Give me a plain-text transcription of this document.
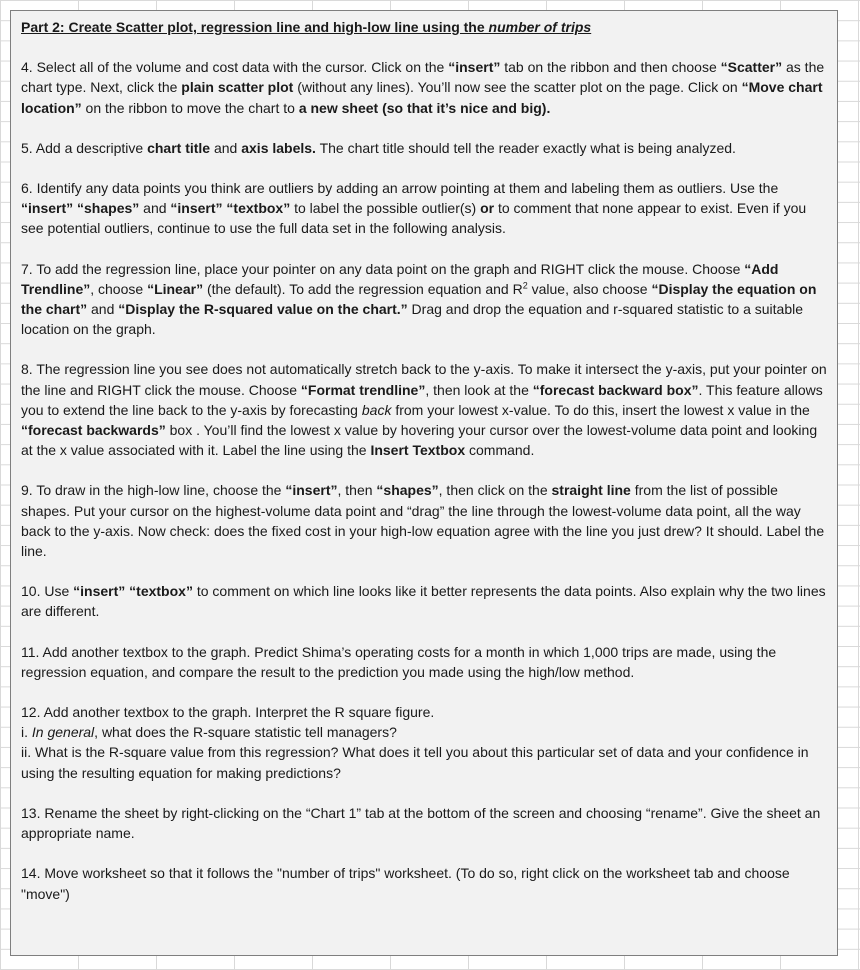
Part 2: Create Scatter plot, regression line and high-low line using the number of trips
4. Select all of the volume and cost data with the cursor. Click on the “insert” tab on the ribbon and then choose “Scatter” as the chart type. Next, click the plain scatter plot (without any lines). You’ll now see the scatter plot on the page. Click on “Move chart location” on the ribbon to move the chart to a new sheet (so that it’s nice and big).
5. Add a descriptive chart title and axis labels. The chart title should tell the reader exactly what is being analyzed.
6. Identify any data points you think are outliers by adding an arrow pointing at them and labeling them as outliers. Use the “insert” “shapes” and “insert” “textbox” to label the possible outlier(s) or to comment that none appear to exist. Even if you see potential outliers, continue to use the full data set in the following analysis.
7. To add the regression line, place your pointer on any data point on the graph and RIGHT click the mouse. Choose “Add Trendline”, choose “Linear” (the default). To add the regression equation and $R^2$ value, also choose “Display the equation on the chart” and “Display the R-squared value on the chart.” Drag and drop the equation and r-squared statistic to a suitable location on the graph.
8. The regression line you see does not automatically stretch back to the y-axis. To make it intersect the y-axis, put your pointer on the line and RIGHT click the mouse. Choose “Format trendline”, then look at the “forecast backward box”. This feature allows you to extend the line back to the y-axis by forecasting back from your lowest x-value. To do this, insert the lowest x value in the “forecast backwards” box . You’ll find the lowest x value by hovering your cursor over the lowest-volume data point and looking at the x value associated with it. Label the line using the Insert Textbox command.
9. To draw in the high-low line, choose the “insert”, then “shapes”, then click on the straight line from the list of possible shapes. Put your cursor on the highest-volume data point and “drag” the line through the lowest-volume data point, all the way back to the y-axis. Now check: does the fixed cost in your high-low equation agree with the line you just drew? It should. Label the line.
10. Use “insert” “textbox” to comment on which line looks like it better represents the data points. Also explain why the two lines are different.
11. Add another textbox to the graph. Predict Shima’s operating costs for a month in which 1,000 trips are made, using the regression equation, and compare the result to the prediction you made using the high/low method.
12. Add another textbox to the graph. Interpret the R square figure.
i. In general, what does the R-square statistic tell managers?
ii. What is the R-square value from this regression? What does it tell you about this particular set of data and your confidence in using the resulting equation for making predictions?
13. Rename the sheet by right-clicking on the “Chart 1” tab at the bottom of the screen and choosing “rename”. Give the sheet an appropriate name.
14. Move worksheet so that it follows the "number of trips" worksheet. (To do so, right click on the worksheet tab and choose "move")
